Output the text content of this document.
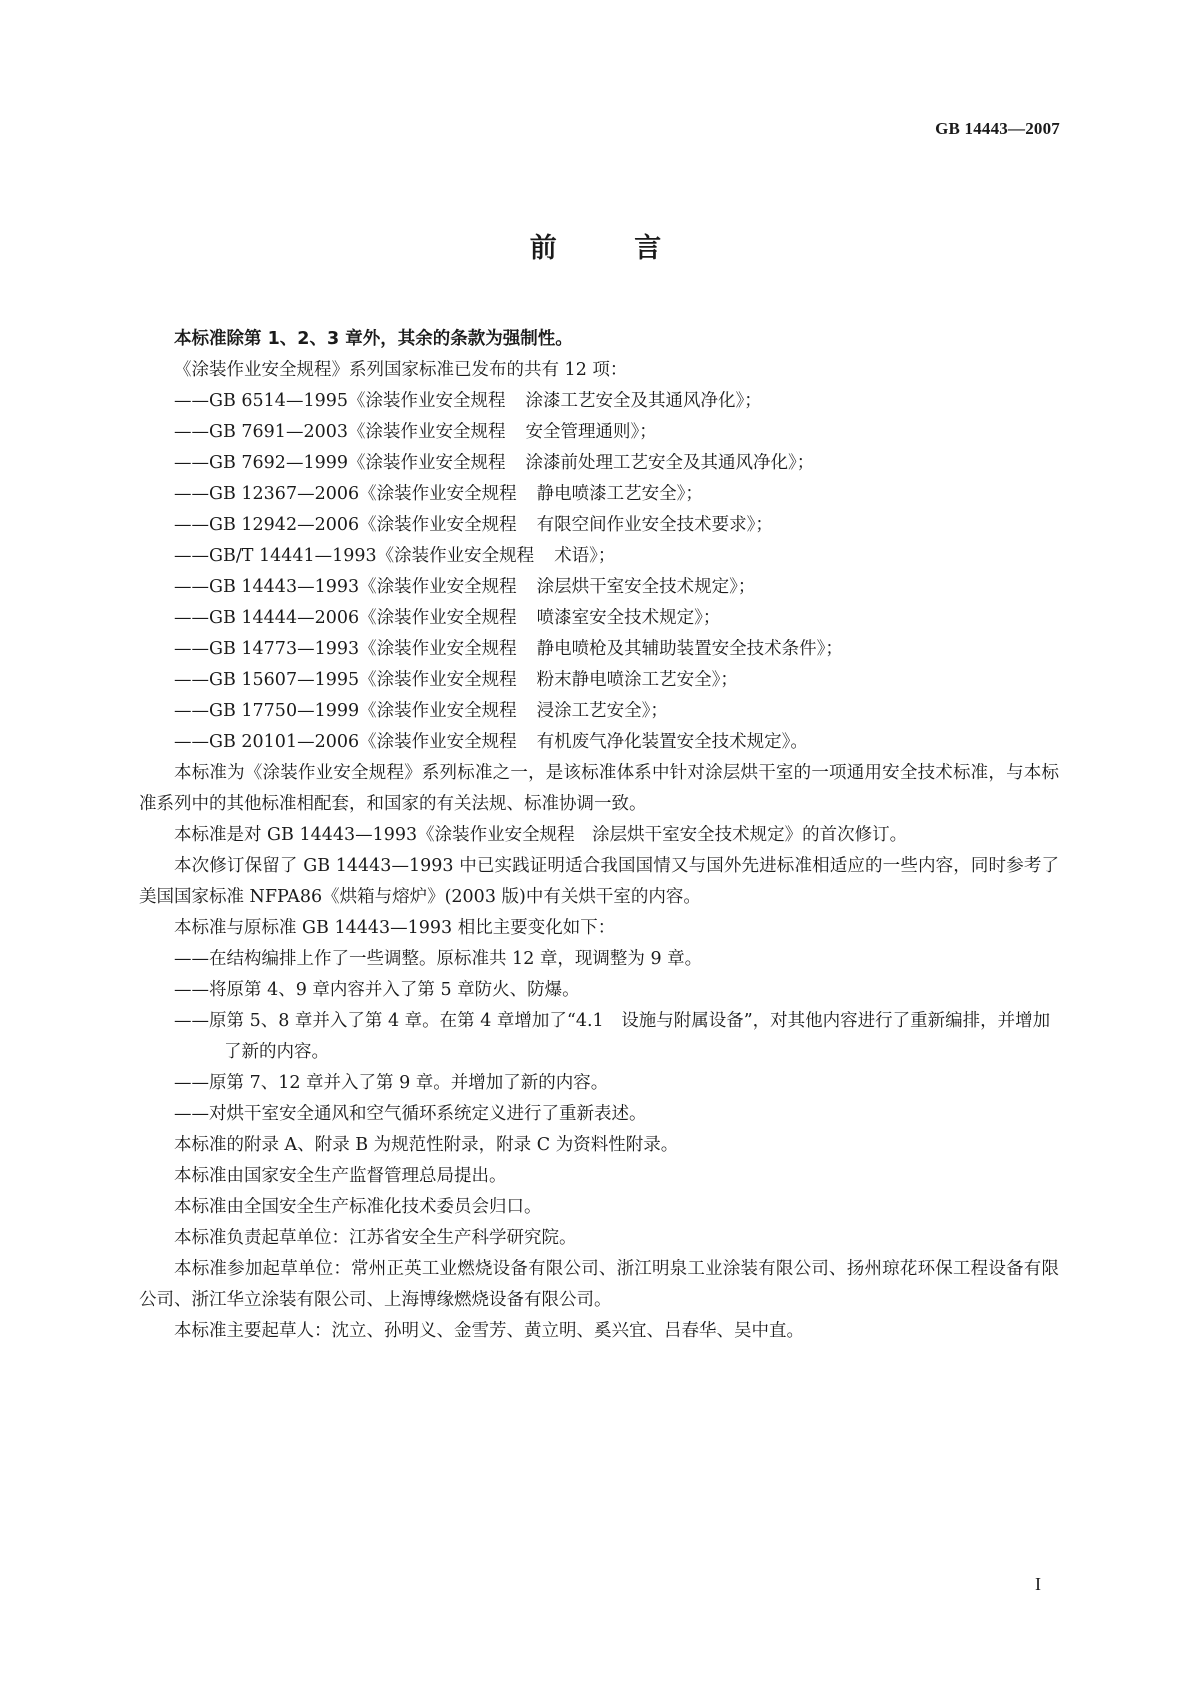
GB 14443—2007
前 言

本标准除第 1、2、3 章外，其余的条款为强制性。

《涂装作业安全规程》系列国家标准已发布的共有 12 项：

——GB 6514—1995《涂装作业安全规程 涂漆工艺安全及其通风净化》；

——GB 7691—2003《涂装作业安全规程 安全管理通则》；

——GB 7692—1999《涂装作业安全规程 涂漆前处理工艺安全及其通风净化》；

——GB 12367—2006《涂装作业安全规程 静电喷漆工艺安全》；

——GB 12942—2006《涂装作业安全规程 有限空间作业安全技术要求》；

——GB/T 14441—1993《涂装作业安全规程 术语》；

——GB 14443—1993《涂装作业安全规程 涂层烘干室安全技术规定》；

——GB 14444—2006《涂装作业安全规程 喷漆室安全技术规定》；

——GB 14773—1993《涂装作业安全规程 静电喷枪及其辅助装置安全技术条件》；

——GB 15607—1995《涂装作业安全规程 粉末静电喷涂工艺安全》；

——GB 17750—1999《涂装作业安全规程 浸涂工艺安全》；

——GB 20101—2006《涂装作业安全规程 有机废气净化装置安全技术规定》。

本标准为《涂装作业安全规程》系列标准之一，是该标准体系中针对涂层烘干室的一项通用安全技术标准，与本标准系列中的其他标准相配套，和国家的有关法规、标准协调一致。

本标准是对 GB 14443—1993《涂装作业安全规程　涂层烘干室安全技术规定》的首次修订。

本次修订保留了 GB 14443—1993 中已实践证明适合我国国情又与国外先进标准相适应的一些内容，同时参考了美国国家标准 NFPA86《烘箱与熔炉》(2003 版)中有关烘干室的内容。

本标准与原标准 GB 14443—1993 相比主要变化如下：

——在结构编排上作了一些调整。原标准共 12 章，现调整为 9 章。

——将原第 4、9 章内容并入了第 5 章防火、防爆。

——原第 5、8 章并入了第 4 章。在第 4 章增加了“4.1　设施与附属设备”，对其他内容进行了重新编排，并增加了新的内容。

——原第 7、12 章并入了第 9 章。并增加了新的内容。

——对烘干室安全通风和空气循环系统定义进行了重新表述。

本标准的附录 A、附录 B 为规范性附录，附录 C 为资料性附录。

本标准由国家安全生产监督管理总局提出。

本标准由全国安全生产标准化技术委员会归口。

本标准负责起草单位：江苏省安全生产科学研究院。

本标准参加起草单位：常州正英工业燃烧设备有限公司、浙江明泉工业涂装有限公司、扬州琼花环保工程设备有限公司、浙江华立涂装有限公司、上海博缘燃烧设备有限公司。

本标准主要起草人：沈立、孙明义、金雪芳、黄立明、奚兴宜、吕春华、吴中直。

I
